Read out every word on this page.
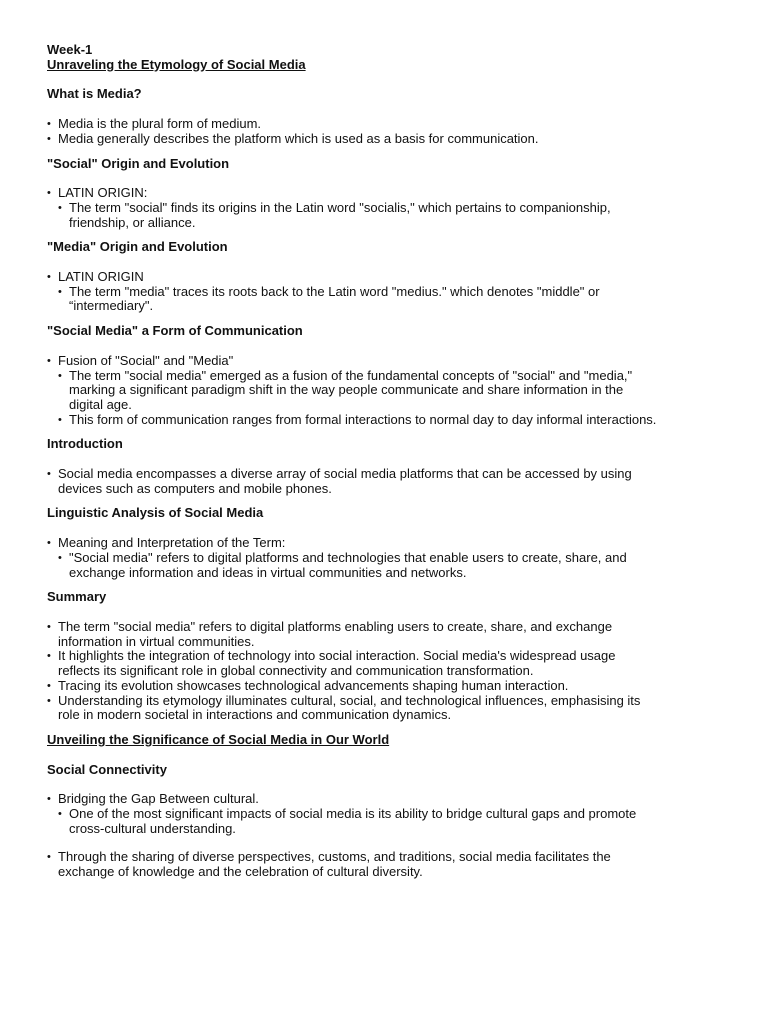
Week-1
Unraveling the Etymology of Social Media
What is Media?
• Media is the plural form of medium.
• Media generally describes the platform which is used as a basis for communication.
"Social" Origin and Evolution
• LATIN ORIGIN:
• The term "social" finds its origins in the Latin word "socialis," which pertains to companionship,
friendship, or alliance.
"Media" Origin and Evolution
• LATIN ORIGIN
• The term "media" traces its roots back to the Latin word "medius." which denotes "middle" or
“intermediary".
"Social Media" a Form of Communication
• Fusion of "Social" and "Media"
• The term "social media" emerged as a fusion of the fundamental concepts of "social" and "media,"
marking a significant paradigm shift in the way people communicate and share information in the
digital age.
• This form of communication ranges from formal interactions to normal day to day informal interactions.
Introduction
• Social media encompasses a diverse array of social media platforms that can be accessed by using
devices such as computers and mobile phones.
Linguistic Analysis of Social Media
• Meaning and Interpretation of the Term:
• "Social media" refers to digital platforms and technologies that enable users to create, share, and
exchange information and ideas in virtual communities and networks.
Summary
• The term "social media" refers to digital platforms enabling users to create, share, and exchange
information in virtual communities.
• It highlights the integration of technology into social interaction. Social media's widespread usage
reflects its significant role in global connectivity and communication transformation.
• Tracing its evolution showcases technological advancements shaping human interaction.
• Understanding its etymology illuminates cultural, social, and technological influences, emphasising its
role in modern societal in interactions and communication dynamics.
Unveiling the Significance of Social Media in Our World
Social Connectivity
• Bridging the Gap Between cultural.
• One of the most significant impacts of social media is its ability to bridge cultural gaps and promote
cross-cultural understanding.
• Through the sharing of diverse perspectives, customs, and traditions, social media facilitates the
exchange of knowledge and the celebration of cultural diversity.
